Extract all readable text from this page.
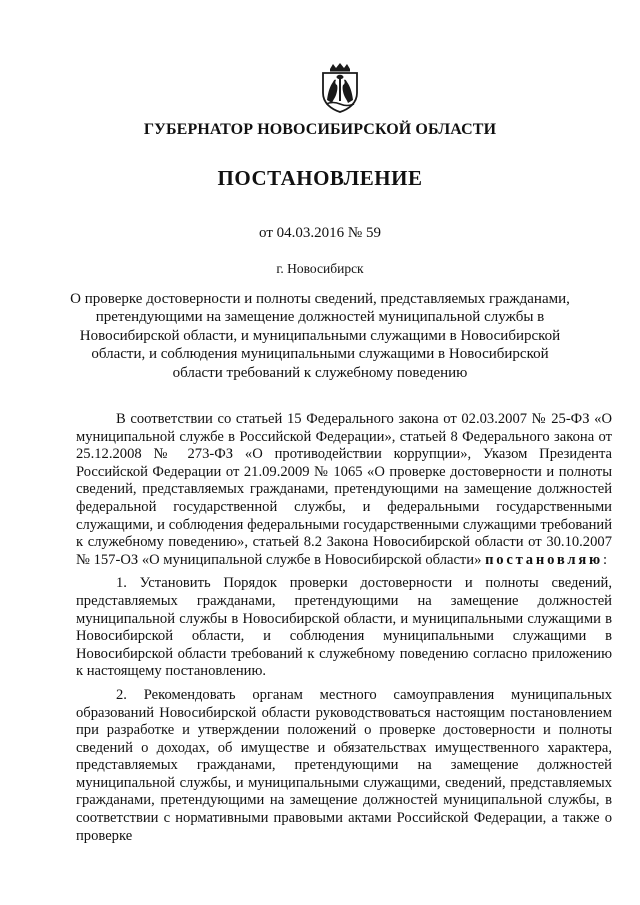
ГУБЕРНАТОР НОВОСИБИРСКОЙ ОБЛАСТИ
ПОСТАНОВЛЕНИЕ
от 04.03.2016 № 59
г. Новосибирск
О проверке достоверности и полноты сведений, представляемых гражданами, претендующими на замещение должностей муниципальной службы в Новосибирской области, и муниципальными служащими в Новосибирской области, и соблюдения муниципальными служащими в Новосибирской области требований к служебному поведению

В соответствии со статьей 15 Федерального закона от 02.03.2007 № 25-ФЗ «О муниципальной службе в Российской Федерации», статьей 8 Федерального закона от 25.12.2008 № 273-ФЗ «О противодействии коррупции», Указом Президента Российской Федерации от 21.09.2009 № 1065 «О проверке достоверности и полноты сведений, представляемых гражданами, претендующими на замещение должностей федеральной государственной службы, и федеральными государственными служащими, и соблюдения федеральными государственными служащими требований к служебному поведению», статьей 8.2 Закона Новосибирской области от 30.10.2007 № 157-ОЗ «О муниципальной службе в Новосибирской области» постановляю:

1. Установить Порядок проверки достоверности и полноты сведений, представляемых гражданами, претендующими на замещение должностей муниципальной службы в Новосибирской области, и муниципальными служащими в Новосибирской области, и соблюдения муниципальными служащими в Новосибирской области требований к служебному поведению согласно приложению к настоящему постановлению.

2. Рекомендовать органам местного самоуправления муниципальных образований Новосибирской области руководствоваться настоящим постановлением при разработке и утверждении положений о проверке достоверности и полноты сведений о доходах, об имуществе и обязательствах имущественного характера, представляемых гражданами, претендующими на замещение должностей муниципальной службы, и муниципальными служащими, сведений, представляемых гражданами, претендующими на замещение должностей муниципальной службы, в соответствии с нормативными правовыми актами Российской Федерации, а также о проверке
